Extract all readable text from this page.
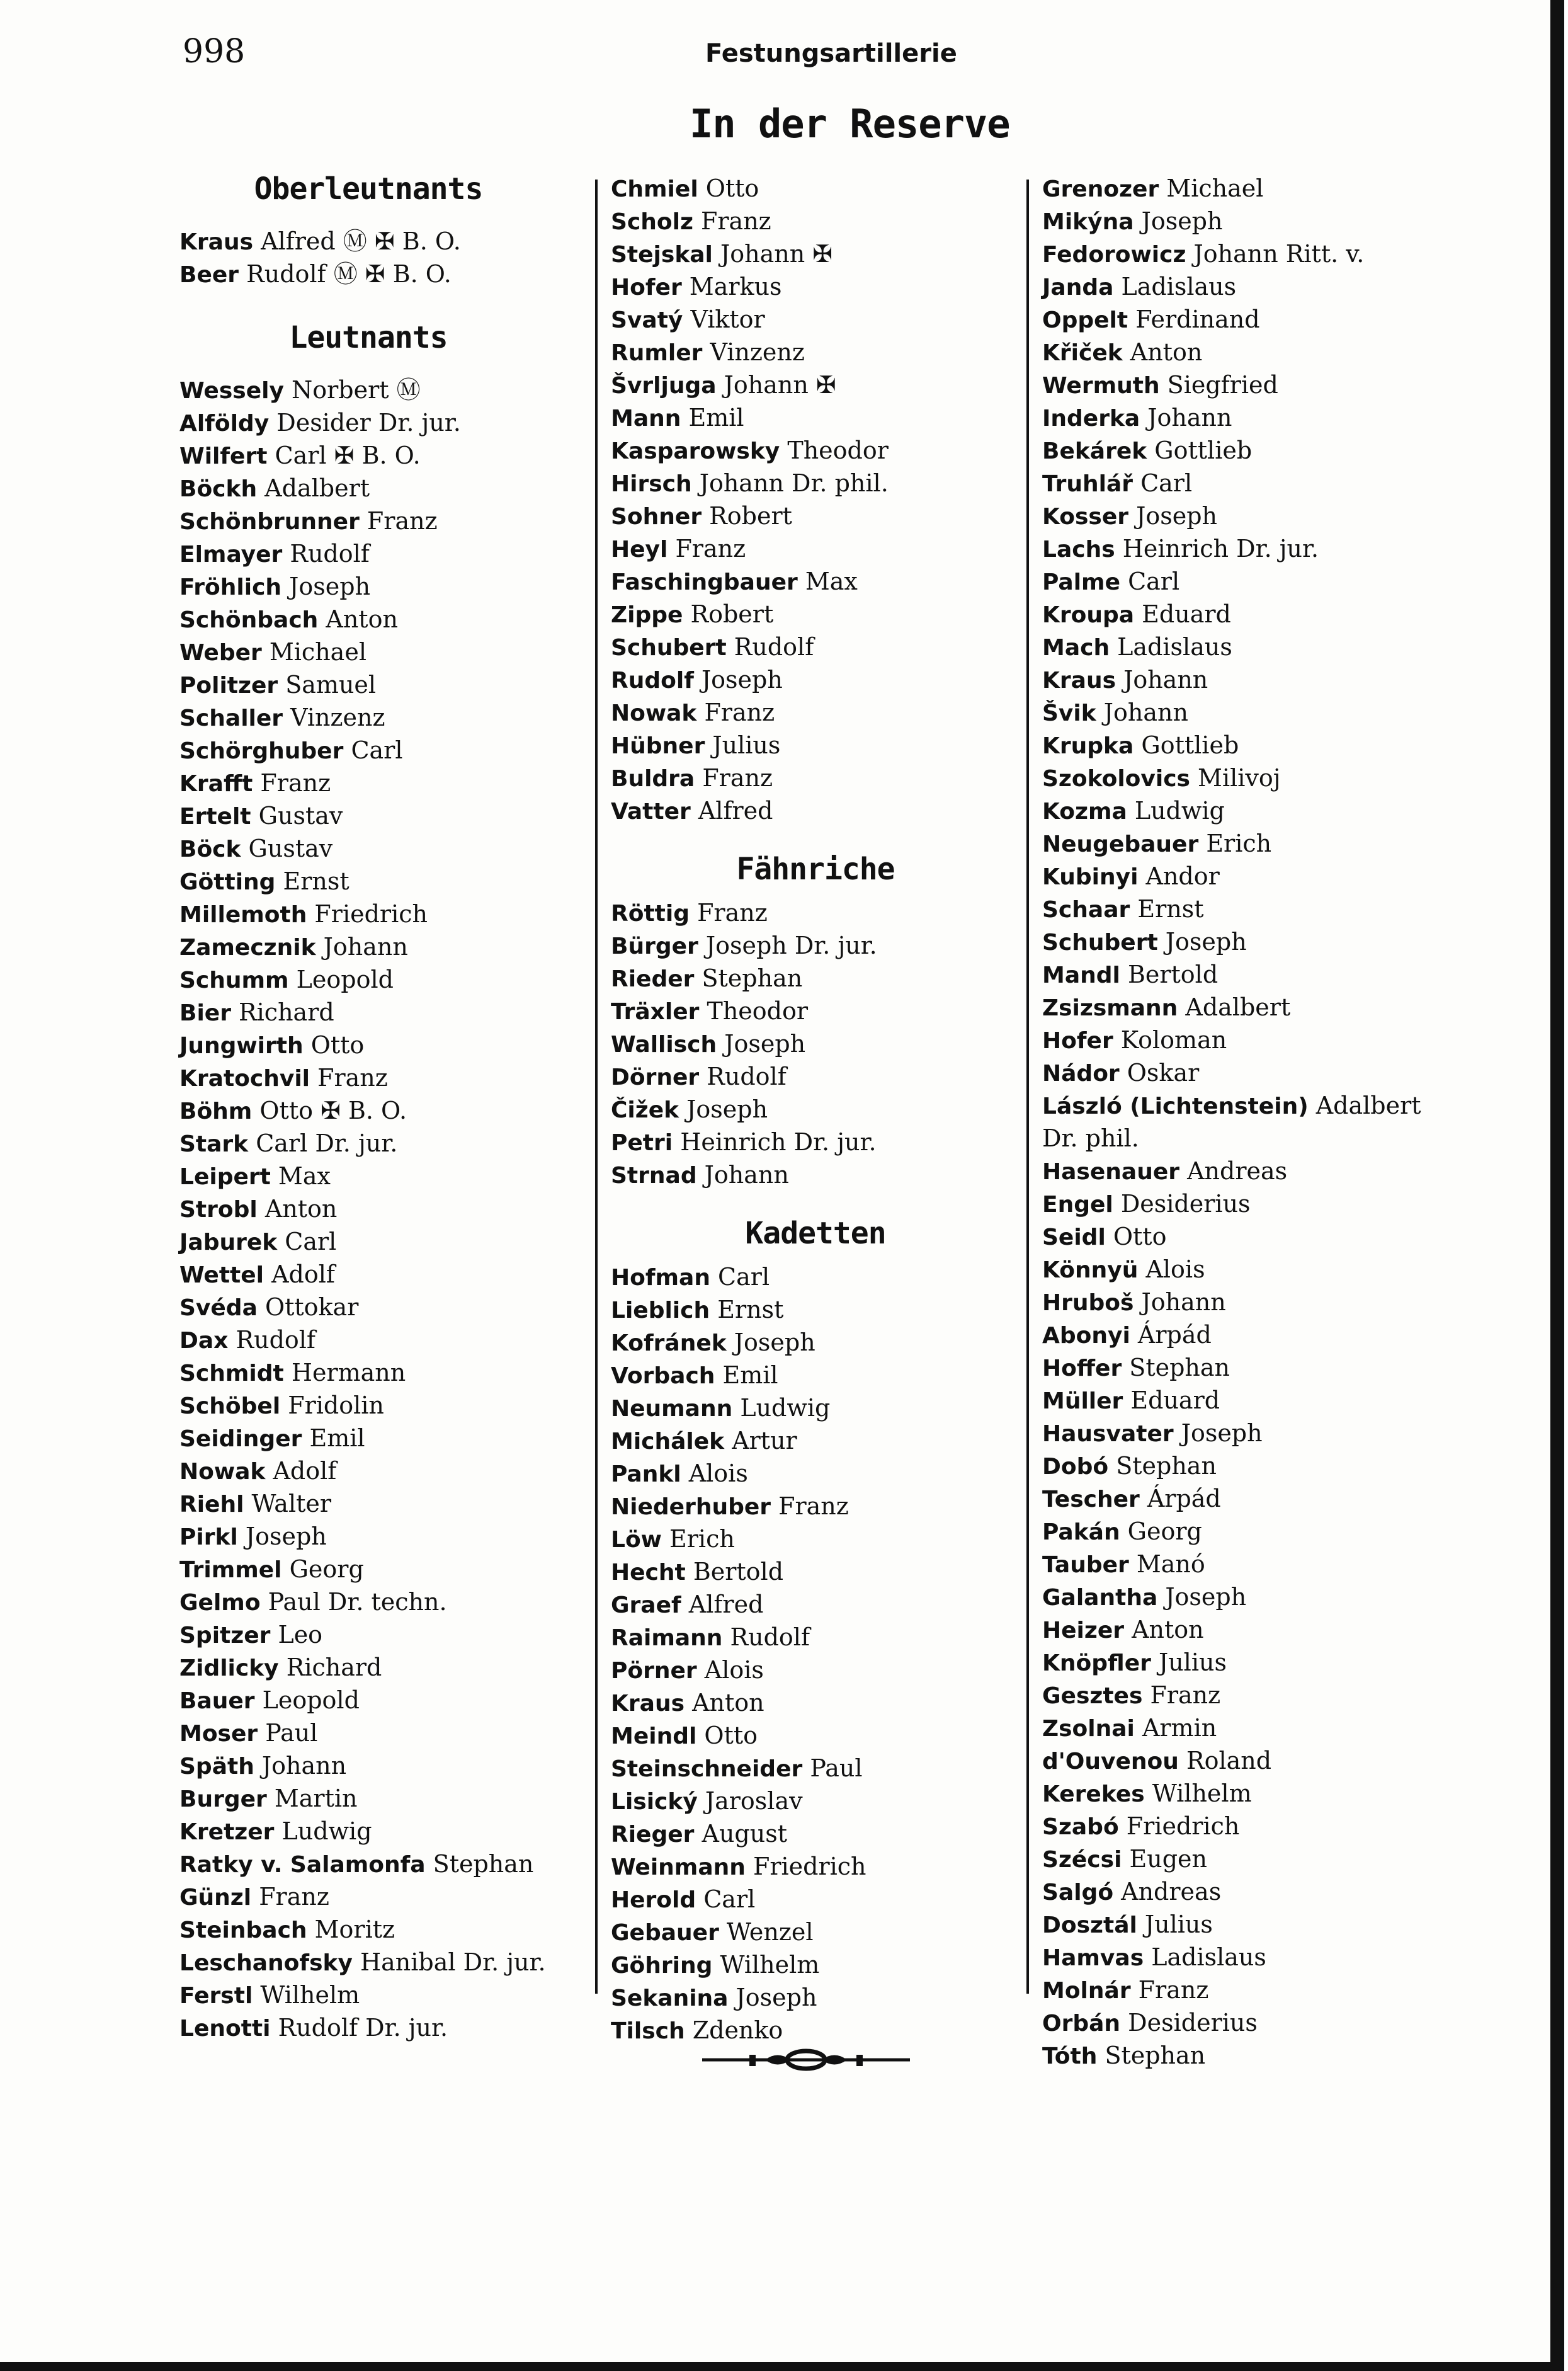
998	Festungsartillerie
In der Reserve
Oberleutnants
Kraus Alfred Ⓜ ✠ B. O.
Beer Rudolf Ⓜ ✠ B. O.
Leutnants
Wessely Norbert Ⓜ
Alföldy Desider Dr. jur.
Wilfert Carl ✠ B. O.
Böckh Adalbert
Schönbrunner Franz
Elmayer Rudolf
Fröhlich Joseph
Schönbach Anton
Weber Michael
Politzer Samuel
Schaller Vinzenz
Schörghuber Carl
Krafft Franz
Ertelt Gustav
Böck Gustav
Götting Ernst
Millemoth Friedrich
Zamecznik Johann
Schumm Leopold
Bier Richard
Jungwirth Otto
Kratochvil Franz
Böhm Otto ✠ B. O.
Stark Carl Dr. jur.
Leipert Max
Strobl Anton
Jaburek Carl
Wettel Adolf
Svéda Ottokar
Dax Rudolf
Schmidt Hermann
Schöbel Fridolin
Seidinger Emil
Nowak Adolf
Riehl Walter
Pirkl Joseph
Trimmel Georg
Gelmo Paul Dr. techn.
Spitzer Leo
Zidlicky Richard
Bauer Leopold
Moser Paul
Späth Johann
Burger Martin
Kretzer Ludwig
Ratky v. Salamonfa Stephan
Günzl Franz
Steinbach Moritz
Leschanofsky Hanibal Dr. jur.
Ferstl Wilhelm
Lenotti Rudolf Dr. jur.
Chmiel Otto
Scholz Franz
Stejskal Johann ✠
Hofer Markus
Svatý Viktor
Rumler Vinzenz
Švrljuga Johann ✠
Mann Emil
Kasparowsky Theodor
Hirsch Johann Dr. phil.
Sohner Robert
Heyl Franz
Faschingbauer Max
Zippe Robert
Schubert Rudolf
Rudolf Joseph
Nowak Franz
Hübner Julius
Buldra Franz
Vatter Alfred
Fähnriche
Röttig Franz
Bürger Joseph Dr. jur.
Rieder Stephan
Träxler Theodor
Wallisch Joseph
Dörner Rudolf
Čižek Joseph
Petri Heinrich Dr. jur.
Strnad Johann
Kadetten
Hofman Carl
Lieblich Ernst
Kofránek Joseph
Vorbach Emil
Neumann Ludwig
Michálek Artur
Pankl Alois
Niederhuber Franz
Löw Erich
Hecht Bertold
Graef Alfred
Raimann Rudolf
Pörner Alois
Kraus Anton
Meindl Otto
Steinschneider Paul
Lisický Jaroslav
Rieger August
Weinmann Friedrich
Herold Carl
Gebauer Wenzel
Göhring Wilhelm
Sekanina Joseph
Tilsch Zdenko
Grenozer Michael
Mikýna Joseph
Fedorowicz Johann Ritt. v.
Janda Ladislaus
Oppelt Ferdinand
Křiček Anton
Wermuth Siegfried
Inderka Johann
Bekárek Gottlieb
Truhlář Carl
Kosser Joseph
Lachs Heinrich Dr. jur.
Palme Carl
Kroupa Eduard
Mach Ladislaus
Kraus Johann
Švik Johann
Krupka Gottlieb
Szokolovics Milivoj
Kozma Ludwig
Neugebauer Erich
Kubinyi Andor
Schaar Ernst
Schubert Joseph
Mandl Bertold
Zsizsmann Adalbert
Hofer Koloman
Nádor Oskar
László (Lichtenstein) Adalbert
Dr. phil.
Hasenauer Andreas
Engel Desiderius
Seidl Otto
Könnyü Alois
Hruboš Johann
Abonyi Árpád
Hoffer Stephan
Müller Eduard
Hausvater Joseph
Dobó Stephan
Tescher Árpád
Pakán Georg
Tauber Manó
Galantha Joseph
Heizer Anton
Knöpfler Julius
Gesztes Franz
Zsolnai Armin
d'Ouvenou Roland
Kerekes Wilhelm
Szabó Friedrich
Szécsi Eugen
Salgó Andreas
Dosztál Julius
Hamvas Ladislaus
Molnár Franz
Orbán Desiderius
Tóth Stephan
